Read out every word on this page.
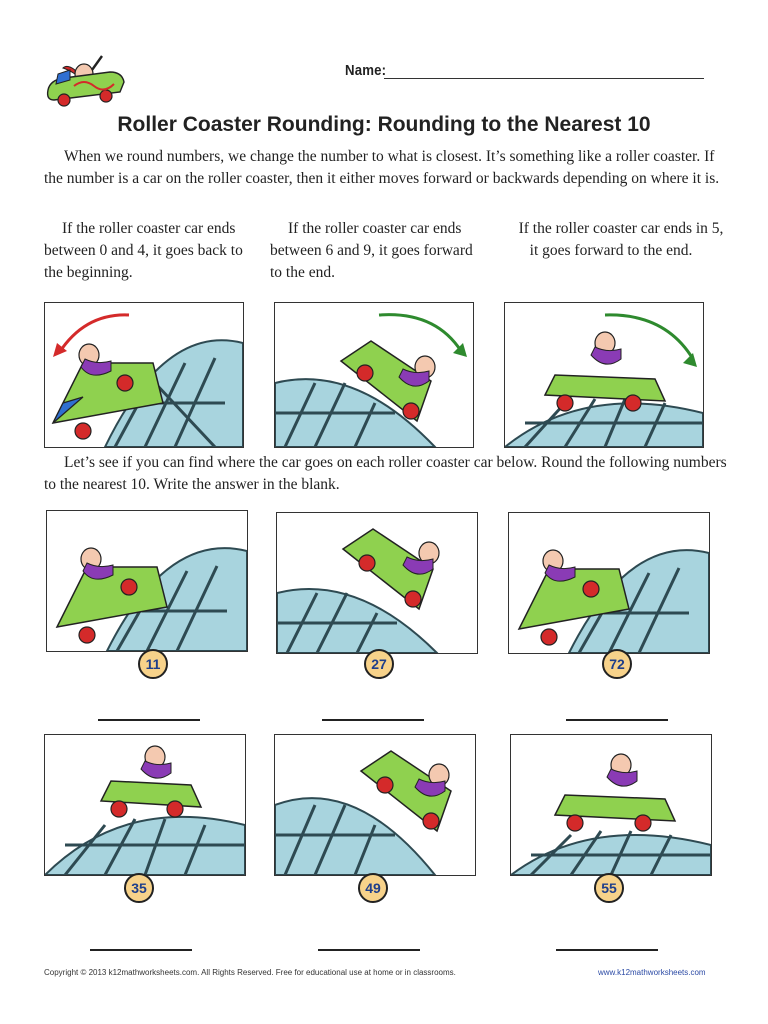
Name:
Roller Coaster Rounding: Rounding to the Nearest 10
When we round numbers, we change the number to what is closest. It’s something like a roller coaster. If the number is a car on the roller coaster, then it either moves forward or backwards depending on where it is.
If the roller coaster car ends between 0 and 4, it goes back to the beginning.
If the roller coaster car ends between 6 and 9, it goes forward to the end.
If the roller coaster car ends in 5, it goes forward to the end.
Let’s see if you can find where the car goes on each roller coaster car below. Round the following numbers to the nearest 10. Write the answer in the blank.
11	27	72
35	49	55
Copyright © 2013 k12mathworksheets.com. All Rights Reserved. Free for educational use at home or in classrooms.	www.k12mathworksheets.com
